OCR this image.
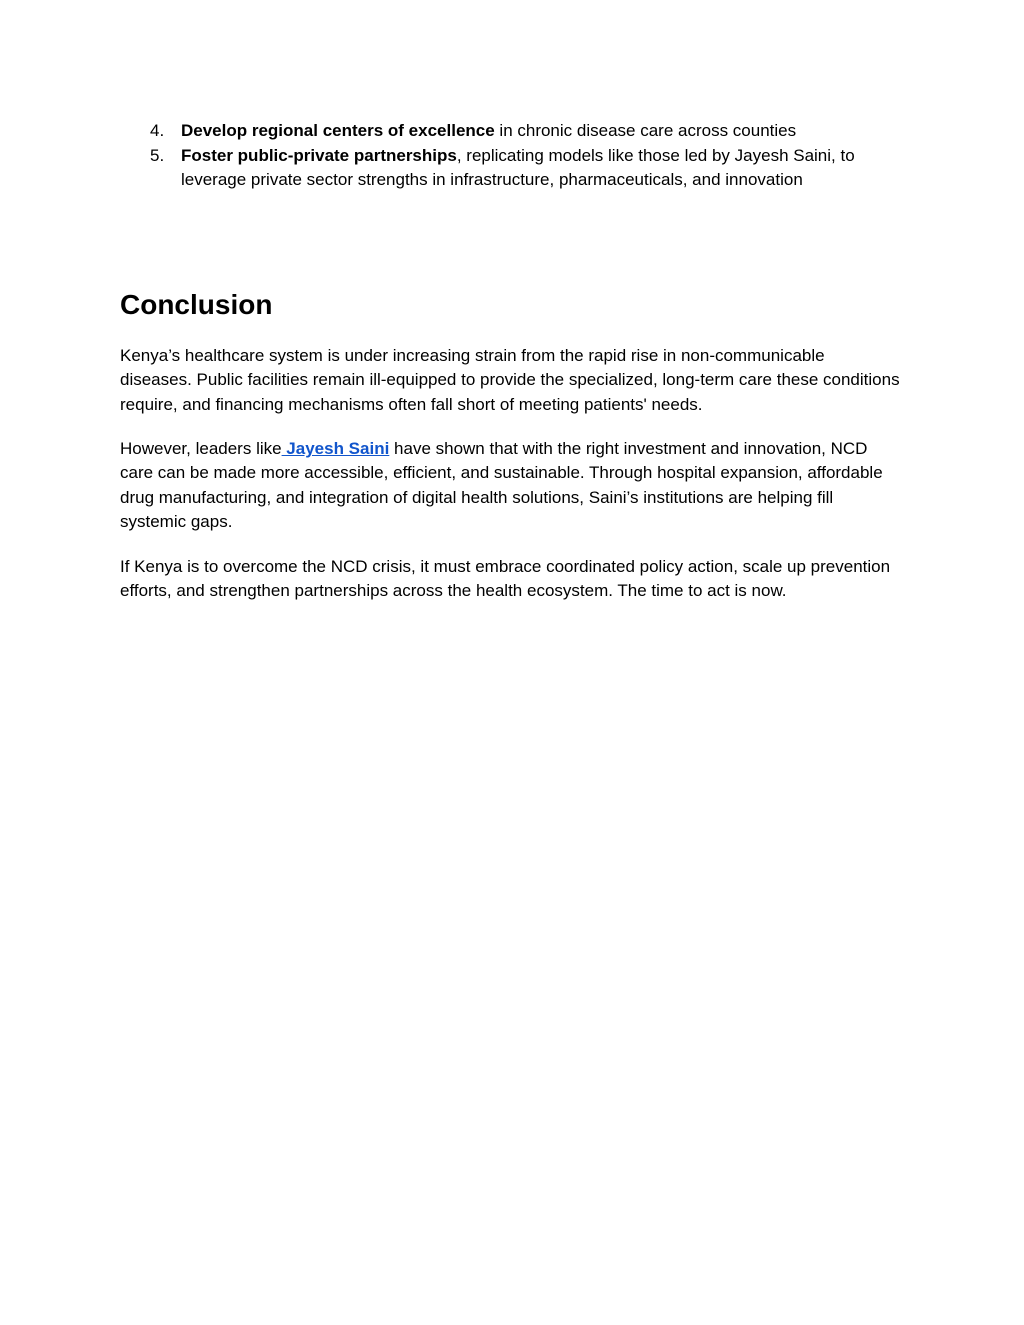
4. Develop regional centers of excellence in chronic disease care across counties
5. Foster public-private partnerships, replicating models like those led by Jayesh Saini, to leverage private sector strengths in infrastructure, pharmaceuticals, and innovation
Conclusion

Kenya’s healthcare system is under increasing strain from the rapid rise in non-communicable diseases. Public facilities remain ill-equipped to provide the specialized, long-term care these conditions require, and financing mechanisms often fall short of meeting patients' needs.

However, leaders like Jayesh Saini have shown that with the right investment and innovation, NCD care can be made more accessible, efficient, and sustainable. Through hospital expansion, affordable drug manufacturing, and integration of digital health solutions, Saini’s institutions are helping fill systemic gaps.

If Kenya is to overcome the NCD crisis, it must embrace coordinated policy action, scale up prevention efforts, and strengthen partnerships across the health ecosystem. The time to act is now.
